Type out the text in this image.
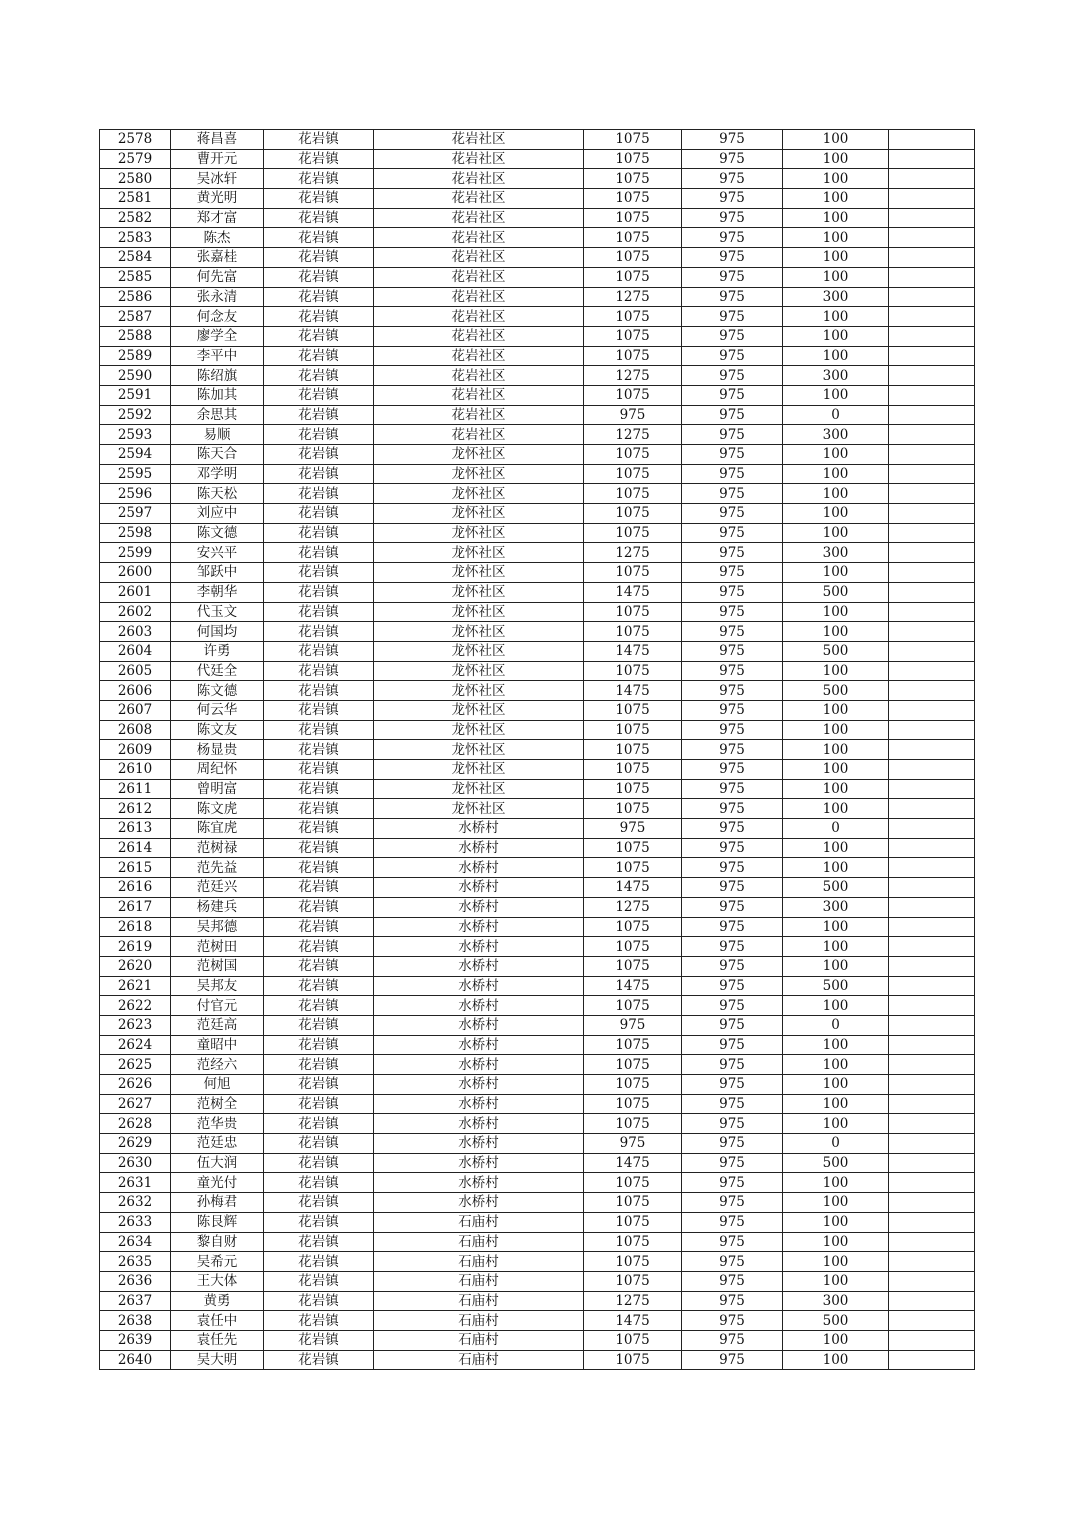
2578	蒋昌喜	花岩镇	花岩社区	1075	975	100	
2579	曹开元	花岩镇	花岩社区	1075	975	100	
2580	吴冰轩	花岩镇	花岩社区	1075	975	100	
2581	黄光明	花岩镇	花岩社区	1075	975	100	
2582	郑才富	花岩镇	花岩社区	1075	975	100	
2583	陈杰	花岩镇	花岩社区	1075	975	100	
2584	张嘉桂	花岩镇	花岩社区	1075	975	100	
2585	何先富	花岩镇	花岩社区	1075	975	100	
2586	张永清	花岩镇	花岩社区	1275	975	300	
2587	何念友	花岩镇	花岩社区	1075	975	100	
2588	廖学全	花岩镇	花岩社区	1075	975	100	
2589	李平中	花岩镇	花岩社区	1075	975	100	
2590	陈绍旗	花岩镇	花岩社区	1275	975	300	
2591	陈加其	花岩镇	花岩社区	1075	975	100	
2592	余思其	花岩镇	花岩社区	975	975	0	
2593	易顺	花岩镇	花岩社区	1275	975	300	
2594	陈天合	花岩镇	龙怀社区	1075	975	100	
2595	邓学明	花岩镇	龙怀社区	1075	975	100	
2596	陈天松	花岩镇	龙怀社区	1075	975	100	
2597	刘应中	花岩镇	龙怀社区	1075	975	100	
2598	陈文德	花岩镇	龙怀社区	1075	975	100	
2599	安兴平	花岩镇	龙怀社区	1275	975	300	
2600	邹跃中	花岩镇	龙怀社区	1075	975	100	
2601	李朝华	花岩镇	龙怀社区	1475	975	500	
2602	代玉文	花岩镇	龙怀社区	1075	975	100	
2603	何国均	花岩镇	龙怀社区	1075	975	100	
2604	许勇	花岩镇	龙怀社区	1475	975	500	
2605	代廷全	花岩镇	龙怀社区	1075	975	100	
2606	陈文德	花岩镇	龙怀社区	1475	975	500	
2607	何云华	花岩镇	龙怀社区	1075	975	100	
2608	陈文友	花岩镇	龙怀社区	1075	975	100	
2609	杨显贵	花岩镇	龙怀社区	1075	975	100	
2610	周纪怀	花岩镇	龙怀社区	1075	975	100	
2611	曾明富	花岩镇	龙怀社区	1075	975	100	
2612	陈文虎	花岩镇	龙怀社区	1075	975	100	
2613	陈宜虎	花岩镇	水桥村	975	975	0	
2614	范树禄	花岩镇	水桥村	1075	975	100	
2615	范先益	花岩镇	水桥村	1075	975	100	
2616	范廷兴	花岩镇	水桥村	1475	975	500	
2617	杨建兵	花岩镇	水桥村	1275	975	300	
2618	吴邦德	花岩镇	水桥村	1075	975	100	
2619	范树田	花岩镇	水桥村	1075	975	100	
2620	范树国	花岩镇	水桥村	1075	975	100	
2621	吴邦友	花岩镇	水桥村	1475	975	500	
2622	付官元	花岩镇	水桥村	1075	975	100	
2623	范廷高	花岩镇	水桥村	975	975	0	
2624	童昭中	花岩镇	水桥村	1075	975	100	
2625	范经六	花岩镇	水桥村	1075	975	100	
2626	何旭	花岩镇	水桥村	1075	975	100	
2627	范树全	花岩镇	水桥村	1075	975	100	
2628	范华贵	花岩镇	水桥村	1075	975	100	
2629	范廷忠	花岩镇	水桥村	975	975	0	
2630	伍大润	花岩镇	水桥村	1475	975	500	
2631	童光付	花岩镇	水桥村	1075	975	100	
2632	孙梅君	花岩镇	水桥村	1075	975	100	
2633	陈艮辉	花岩镇	石庙村	1075	975	100	
2634	黎自财	花岩镇	石庙村	1075	975	100	
2635	吴希元	花岩镇	石庙村	1075	975	100	
2636	王大体	花岩镇	石庙村	1075	975	100	
2637	黄勇	花岩镇	石庙村	1275	975	300	
2638	袁任中	花岩镇	石庙村	1475	975	500	
2639	袁任先	花岩镇	石庙村	1075	975	100	
2640	吴大明	花岩镇	石庙村	1075	975	100	
